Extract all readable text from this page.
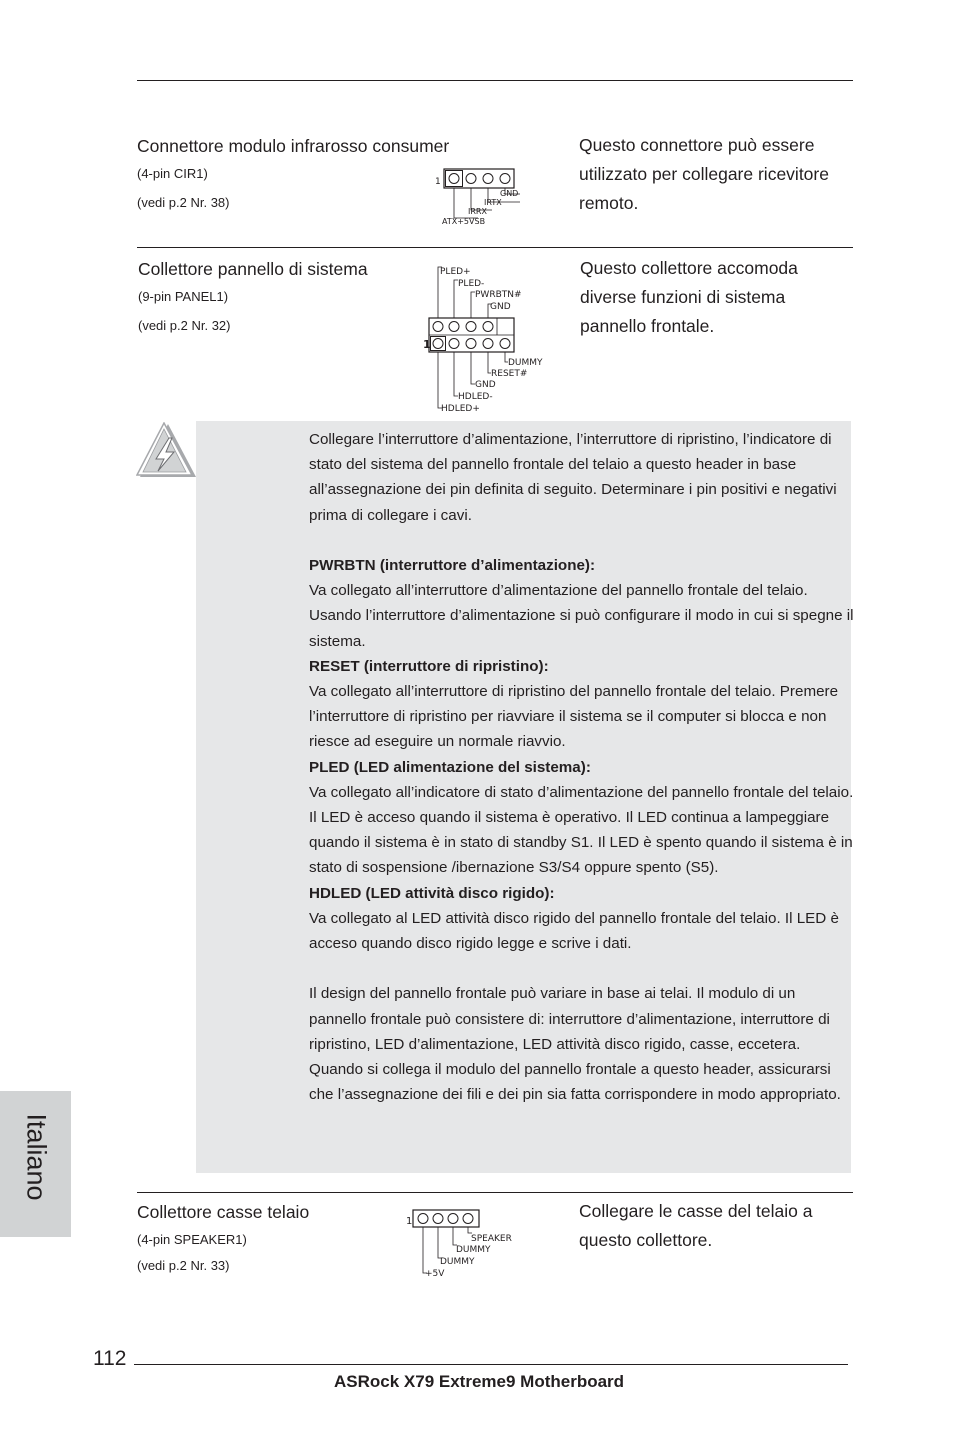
Connettore modulo infrarosso consumer
(4-pin CIR1)
(vedi p.2 Nr. 38)
Questo connettore può essere utilizzato per collegare ricevitore remoto.
1
GND
IRTX
IRRX
ATX+5VSB
Collettore pannello di sistema
(9-pin PANEL1)
(vedi p.2 Nr. 32)
Questo collettore accomoda diverse funzioni di sistema pannello frontale.
PLED+
PLED-
PWRBTN#
GND
1
DUMMY
RESET#
GND
HDLED-
HDLED+

Collegare l’interruttore d’alimentazione, l’interruttore di ripristino, l’indicatore di stato del sistema del pannello frontale del telaio a questo header in base all’assegnazione dei pin definita di seguito. Determinare i pin positivi e negativi prima di collegare i cavi.

PWRBTN (interruttore d’alimentazione):

Va collegato all’interruttore d’alimentazione del pannello frontale del telaio. Usando l’interruttore d’alimentazione si può configurare il modo in cui si spegne il sistema.

RESET (interruttore di ripristino):

Va collegato all’interruttore di ripristino del pannello frontale del telaio. Premere l’interruttore di ripristino per riavviare il sistema se il computer si blocca e non riesce ad eseguire un normale riavvio.

PLED (LED alimentazione del sistema):

Va collegato all’indicatore di stato d’alimentazione del pannello frontale del telaio. Il LED è acceso quando il sistema è operativo. Il LED continua a lampeggiare quando il sistema è in stato di standby S1. Il LED è spento quando il sistema è in stato di sospensione /ibernazione S3/S4 oppure spento (S5).

HDLED (LED attività disco rigido):

Va collegato al LED attività disco rigido del pannello frontale del telaio. Il LED è acceso quando disco rigido legge e scrive i dati.

Il design del pannello frontale può variare in base ai telai. Il modulo di un pannello frontale può consistere di: interruttore d’alimentazione, interruttore di ripristino, LED d’alimentazione, LED attività disco rigido, casse, eccetera. Quando si collega il modulo del pannello frontale a questo header, assicurarsi che l’assegnazione dei fili e dei pin sia fatta corrispondere in modo appropriato.

Collettore casse telaio
(4-pin SPEAKER1)
(vedi p.2 Nr. 33)
Collegare le casse del telaio a questo collettore.
1
SPEAKER
DUMMY
DUMMY
+5V
Italiano
112
ASRock X79 Extreme9 Motherboard
